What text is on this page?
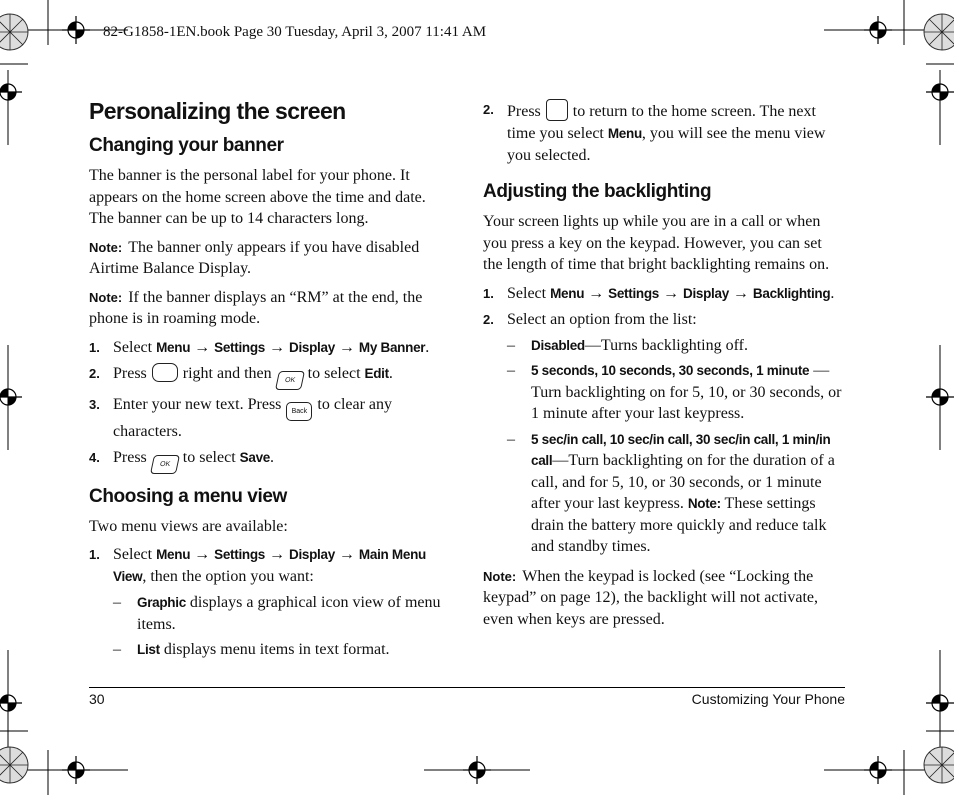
82-G1858-1EN.book Page 30 Tuesday, April 3, 2007 11:41 AM
Personalizing the screen
Changing your banner

The banner is the personal label for your phone. It appears on the home screen above the time and date. The banner can be up to 14 characters long.

Note: The banner only appears if you have disabled Airtime Balance Display.

Note: If the banner displays an “RM” at the end, the phone is in roaming mode.

1. Select Menu → Settings → Display → My Banner.
2. Press right and then OK to select Edit.
3. Enter your new text. Press Back to clear any characters.
4. Press OK to select Save.
Choosing a menu view

Two menu views are available:

1. Select Menu → Settings → Display → Main Menu View, then the option you want:
– Graphic displays a graphical icon view of menu items.
– List displays menu items in text format.
2. Press to return to the home screen. The next time you select Menu, you will see the menu view you selected.
Adjusting the backlighting

Your screen lights up while you are in a call or when you press a key on the keypad. However, you can set the length of time that bright backlighting remains on.

1. Select Menu → Settings → Display → Backlighting.
2. Select an option from the list:
– Disabled—Turns backlighting off.
– 5 seconds, 10 seconds, 30 seconds, 1 minute — Turn backlighting on for 5, 10, or 30 seconds, or 1 minute after your last keypress.
– 5 sec/in call, 10 sec/in call, 30 sec/in call, 1 min/in call—Turn backlighting on for the duration of a call, and for 5, 10, or 30 seconds, or 1 minute after your last keypress. Note: These settings drain the battery more quickly and reduce talk and standby times.

Note: When the keypad is locked (see “Locking the keypad” on page 12), the backlight will not activate, even when keys are pressed.

30	Customizing Your Phone
